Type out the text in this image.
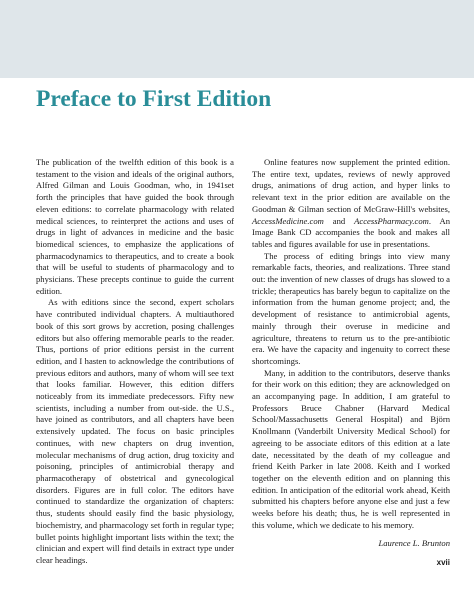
Preface to First Edition

The publication of the twelfth edition of this book is a testament to the vision and ideals of the original authors, Alfred Gilman and Louis Goodman, who, in 1941set forth the principles that have guided the book through eleven editions: to correlate pharmacology with related medical sciences, to reinterpret the actions and uses of drugs in light of advances in medicine and the basic biomedical sciences, to emphasize the applications of pharmacodynamics to therapeutics, and to create a book that will be useful to students of pharmacology and to physicians. These precepts continue to guide the current edition.

As with editions since the second, expert scholars have contributed individual chapters. A multiauthored book of this sort grows by accretion, posing challenges editors but also offering memorable pearls to the reader. Thus, portions of prior editions persist in the current edition, and I hasten to acknowledge the contributions of previous editors and authors, many of whom will see text that looks familiar. However, this edition differs noticeably from its immediate predecessors. Fifty new scientists, including a number from out-side. the U.S., have joined as contributors, and all chapters have been extensively updated. The focus on basic principles continues, with new chapters on drug invention, molecular mechanisms of drug action, drug toxicity and poisoning, principles of antimicrobial therapy and pharmacotherapy of obstetrical and gynecological disorders. Figures are in full color. The editors have continued to standardize the organization of chapters: thus, students should easily find the basic physiology, biochemistry, and pharmacology set forth in regular type; bullet points highlight important lists within the text; the clinician and expert will find details in extract type under clear headings.

Online features now supplement the printed edition. The entire text, updates, reviews of newly approved drugs, animations of drug action, and hyper links to relevant text in the prior edition are available on the Goodman & Gilman section of McGraw-Hill's websites, AccessMedicine.com and AccessPharmacy.com. An Image Bank CD accompanies the book and makes all tables and figures available for use in presentations.

The process of editing brings into view many remarkable facts, theories, and realizations. Three stand out: the invention of new classes of drugs has slowed to a trickle; therapeutics has barely begun to capitalize on the information from the human genome project; and, the development of resistance to antimicrobial agents, mainly through their overuse in medicine and agriculture, threatens to return us to the pre-antibiotic era. We have the capacity and ingenuity to correct these shortcomings.

Many, in addition to the contributors, deserve thanks for their work on this edition; they are acknowledged on an accompanying page. In addition, I am grateful to Professors Bruce Chabner (Harvard Medical School/Massachusetts General Hospital) and Björn Knollmann (Vanderbilt University Medical School) for agreeing to be associate editors of this edition at a late date, necessitated by the death of my colleague and friend Keith Parker in late 2008. Keith and I worked together on the eleventh edition and on planning this edition. In anticipation of the editorial work ahead, Keith submitted his chapters before anyone else and just a few weeks before his death; thus, he is well represented in this volume, which we dedicate to his memory.

Laurence L. Brunton

xvii
